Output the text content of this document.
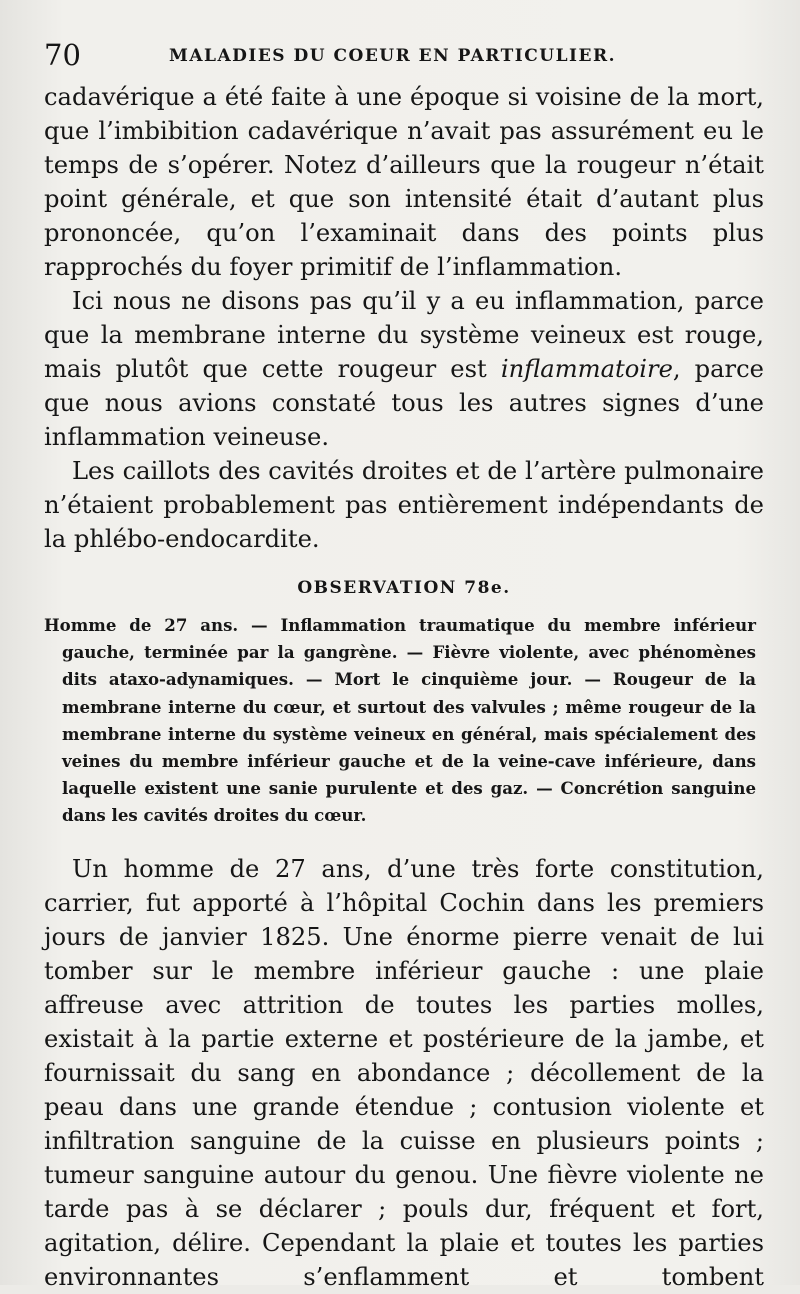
70	MALADIES DU COEUR EN PARTICULIER.

cadavérique a été faite à une époque si voisine de la mort, que l’imbibition cadavérique n’avait pas assurément eu le temps de s’opérer. Notez d’ailleurs que la rougeur n’était point générale, et que son intensité était d’autant plus prononcée, qu’on l’examinait dans des points plus rapprochés du foyer primitif de l’inflammation.

Ici nous ne disons pas qu’il y a eu inflammation, parce que la membrane interne du système veineux est rouge, mais plutôt que cette rougeur est inflammatoire, parce que nous avions constaté tous les autres signes d’une inflammation veineuse.

Les caillots des cavités droites et de l’artère pulmonaire n’étaient probablement pas entièrement indépendants de la phlébo-endocardite.

OBSERVATION 78e.

Homme de 27 ans. — Inflammation traumatique du membre inférieur gauche, terminée par la gangrène. — Fièvre violente, avec phénomènes dits ataxo-adynamiques. — Mort le cinquième jour. — Rougeur de la membrane interne du cœur, et surtout des valvules ; même rougeur de la membrane interne du système veineux en général, mais spécialement des veines du membre inférieur gauche et de la veine-cave inférieure, dans laquelle existent une sanie purulente et des gaz. — Concrétion sanguine dans les cavités droites du cœur.

Un homme de 27 ans, d’une très forte constitution, carrier, fut apporté à l’hôpital Cochin dans les premiers jours de janvier 1825. Une énorme pierre venait de lui tomber sur le membre inférieur gauche : une plaie affreuse avec attrition de toutes les parties molles, existait à la partie externe et postérieure de la jambe, et fournissait du sang en abondance ; décollement de la peau dans une grande étendue ; contusion violente et infiltration sanguine de la cuisse en plusieurs points ; tumeur sanguine autour du genou. Une fièvre violente ne tarde pas à se déclarer ; pouls dur, fréquent et fort, agitation, délire. Cependant la plaie et toutes les parties environnantes s’enflamment et tombent
